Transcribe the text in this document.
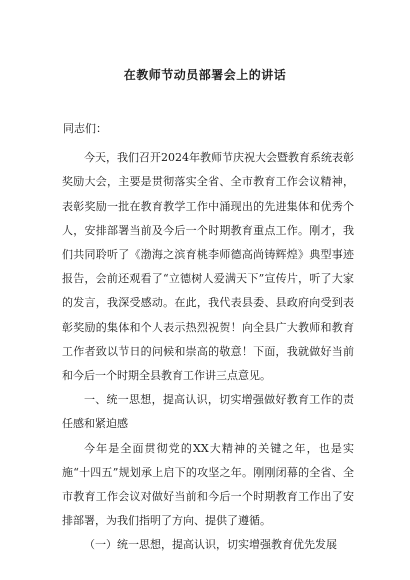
在教师节动员部署会上的讲话

同志们：

今天，我们召开2024年教师节庆祝大会暨教育系统表彰奖励大会，主要是贯彻落实全省、全市教育工作会议精神，表彰奖励一批在教育教学工作中涌现出的先进集体和优秀个人，安排部署当前及今后一个时期教育重点工作。刚才，我们共同聆听了《渤海之滨育桃李师德高尚铸辉煌》典型事迹报告，会前还观看了“立德树人爱满天下”宣传片，听了大家的发言，我深受感动。在此，我代表县委、县政府向受到表彰奖励的集体和个人表示热烈祝贺！向全县广大教师和教育工作者致以节日的问候和崇高的敬意！下面，我就做好当前和今后一个时期全县教育工作讲三点意见。

一、统一思想，提高认识，切实增强做好教育工作的责任感和紧迫感

今年是全面贯彻党的XX大精神的关键之年，也是实施“十四五”规划承上启下的攻坚之年。刚刚闭幕的全省、全市教育工作会议对做好当前和今后一个时期教育工作出了安排部署，为我们指明了方向、提供了遵循。

（一）统一思想，提高认识，切实增强教育优先发展
